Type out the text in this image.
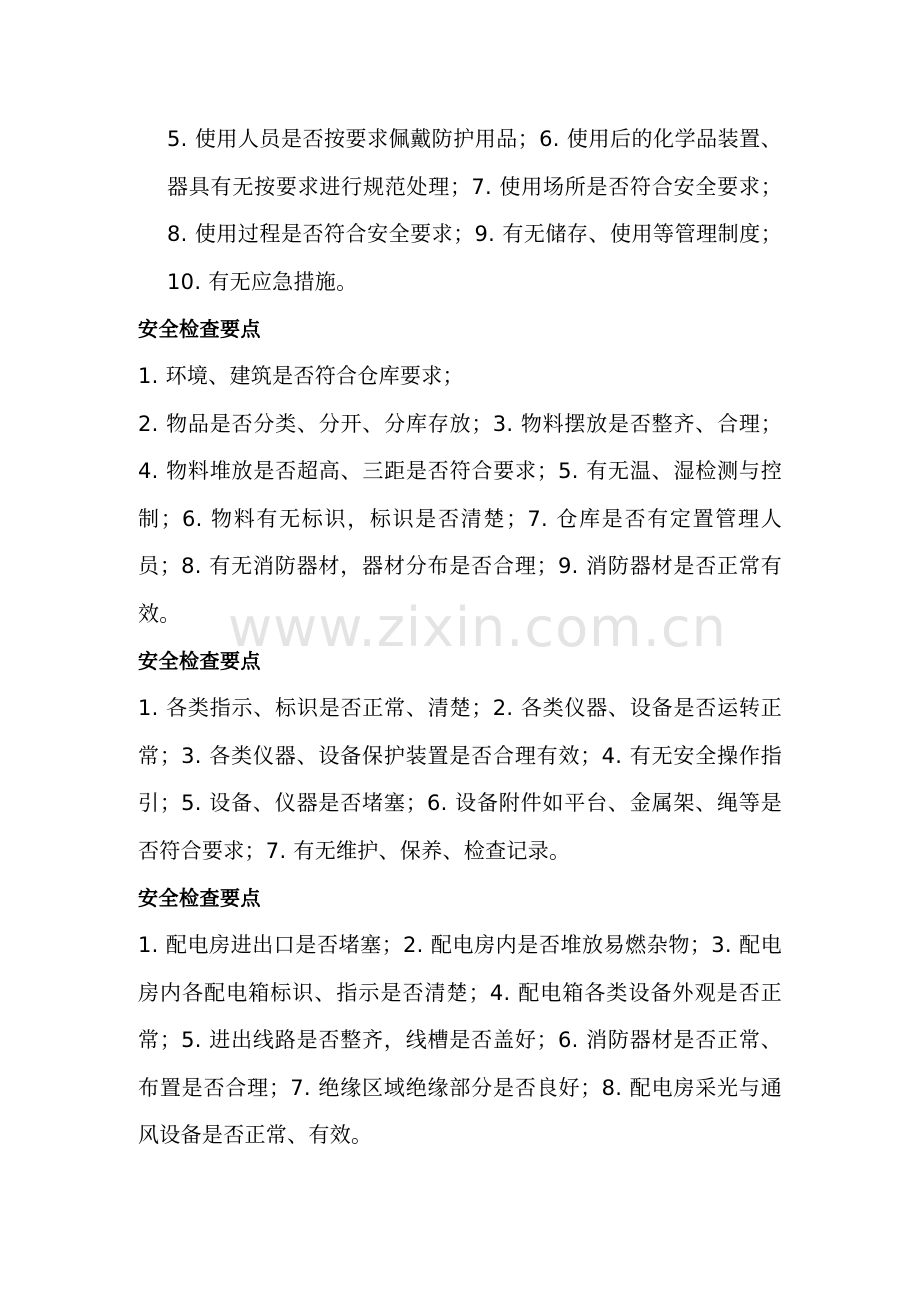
5. 使用人员是否按要求佩戴防护用品；6. 使用后的化学品装置、器具有无按要求进行规范处理；7. 使用场所是否符合安全要求；8. 使用过程是否符合安全要求；9. 有无储存、使用等管理制度；10. 有无应急措施。

安全检查要点

1. 环境、建筑是否符合仓库要求；

2. 物品是否分类、分开、分库存放；3. 物料摆放是否整齐、合理；4. 物料堆放是否超高、三距是否符合要求；5. 有无温、湿检测与控制；6. 物料有无标识，标识是否清楚；7. 仓库是否有定置管理人员；8. 有无消防器材，器材分布是否合理；9. 消防器材是否正常有效。

安全检查要点

1. 各类指示、标识是否正常、清楚；2. 各类仪器、设备是否运转正常；3. 各类仪器、设备保护装置是否合理有效；4. 有无安全操作指引；5. 设备、仪器是否堵塞；6. 设备附件如平台、金属架、绳等是否符合要求；7. 有无维护、保养、检查记录。

安全检查要点

1. 配电房进出口是否堵塞；2. 配电房内是否堆放易燃杂物；3. 配电房内各配电箱标识、指示是否清楚；4. 配电箱各类设备外观是否正常；5. 进出线路是否整齐，线槽是否盖好；6. 消防器材是否正常、布置是否合理；7. 绝缘区域绝缘部分是否良好；8. 配电房采光与通风设备是否正常、有效。

www.zixin.com.cn
